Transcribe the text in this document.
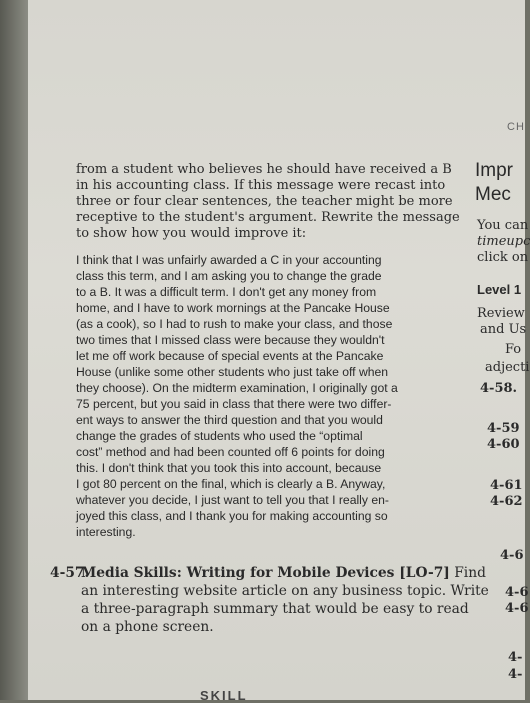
CH
from a student who believes he should have received a B
in his accounting class. If this message were recast into
three or four clear sentences, the teacher might be more
receptive to the student's argument. Rewrite the message
to show how you would improve it:
I think that I was unfairly awarded a C in your accounting
class this term, and I am asking you to change the grade
to a B. It was a difficult term. I don't get any money from
home, and I have to work mornings at the Pancake House
(as a cook), so I had to rush to make your class, and those
two times that I missed class were because they wouldn't
let me off work because of special events at the Pancake
House (unlike some other students who just take off when
they choose). On the midterm examination, I originally got a
75 percent, but you said in class that there were two differ-
ent ways to answer the third question and that you would
change the grades of students who used the “optimal
cost” method and had been counted off 6 points for doing
this. I don't think that you took this into account, because
I got 80 percent on the final, which is clearly a B. Anyway,
whatever you decide, I just want to tell you that I really en-
joyed this class, and I thank you for making accounting so
interesting.
4-57.
Media Skills: Writing for Mobile Devices [LO-7] Find
an interesting website article on any business topic. Write
a three-paragraph summary that would be easy to read
on a phone screen.
Impr
Mec
You can
timeupc
click on
Level 1
Review
and Us
Fo
adjecti
4-58.
4-59
4-60
4-61
4-62
4-6
4-6
4-6
4-
4-
SKILL
